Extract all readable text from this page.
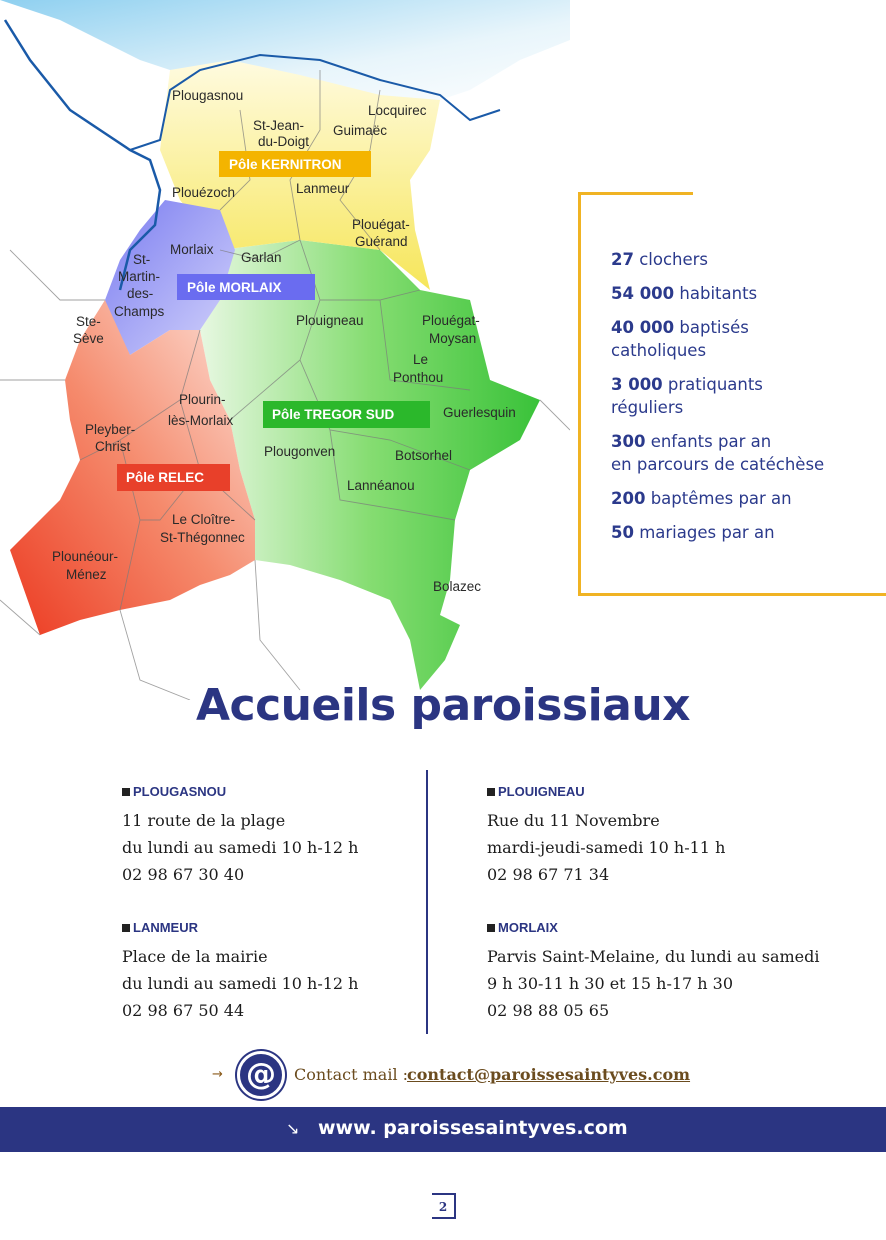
Plougasnou
Locquirec
St-Jean-
du-Doigt
Guimaëc
Plouézoch	Lanmeur
Plouégat-
Guérand
Morlaix
Garlan
St-
Martin-
des-
Champs
Ste-
Sève
Plouigneau	Plouégat-
Moysan
Le
Ponthou
Plourin-
lès-Morlaix
Guerlesquin
Pleyber-
Christ	Plougonven	Botsorhel
Lannéanou
Le Cloître-
St-Thégonnec
Plounéour-
Ménez
Bolazec
Pôle KERNITRON
Pôle MORLAIX
Pôle TREGOR SUD
Pôle RELEC
27 clochers
54 000 habitants
40 000 baptisés
catholiques
3 000 pratiquants
réguliers
300 enfants par an
en parcours de catéchèse
200 baptêmes par an
50 mariages par an
Accueils paroissiaux
PLOUGASNOU
11 route de la plage
du lundi au samedi 10 h-12 h
02 98 67 30 40
PLOUIGNEAU
Rue du 11 Novembre
mardi-jeudi-samedi 10 h-11 h
02 98 67 71 34
LANMEUR
Place de la mairie
du lundi au samedi 10 h-12 h
02 98 67 50 44
MORLAIX
Parvis Saint-Melaine, du lundi au samedi
9 h 30-11 h 30 et 15 h-17 h 30
02 98 88 05 65
→ @	Contact mail :
contact@paroissesaintyves.com
↘ www. paroissesaintyves.com
2
